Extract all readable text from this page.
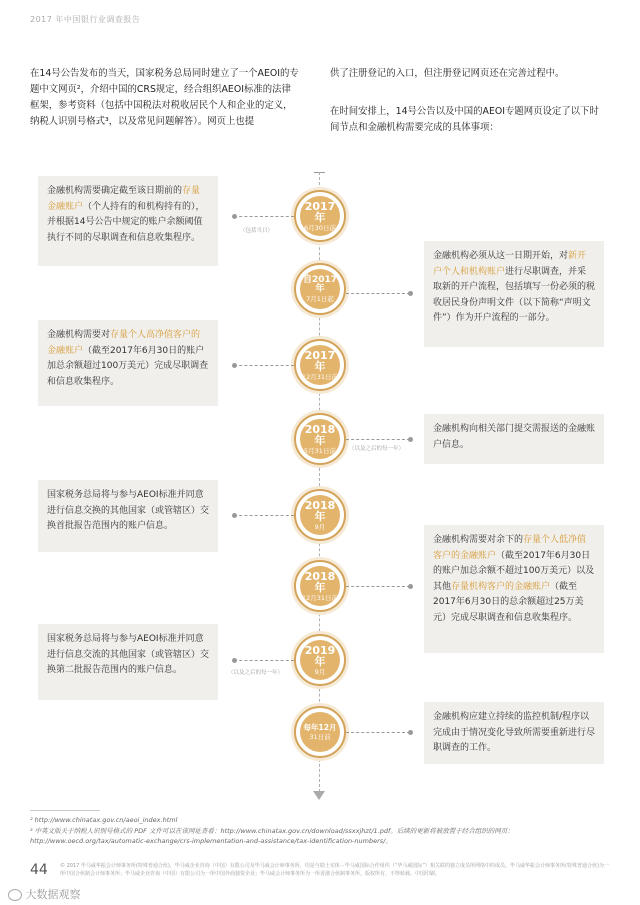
2017 年中国银行业调查报告
在14号公告发布的当天，国家税务总局同时建立了一个AEOI的专题中文网页²，介绍中国的CRS规定，经合组织AEOI标准的法律框架，参考资料（包括中国税法对税收居民个人和企业的定义，纳税人识别号格式³，以及常见问题解答）。网页上也提
供了注册登记的入口，但注册登记网页还在完善过程中。
在时间安排上，14号公告以及中国的AEOI专题网页设定了以下时间节点和金融机构需要完成的具体事项：
2017年
6月30日前
（包括当日）
自2017年
7月1日起
2017年
12月31日前
2018年
5月31日前 （以及之后的每一年）
2018年
9月
2018年
12月31日前
2019年
9月
（以及之后的每一年）
每年12月
31日前
金融机构需要确定截至该日期前的存量金融账户（个人持有的和机构持有的），并根据14号公告中规定的账户余额阈值执行不同的尽职调查和信息收集程序。
金融机构必须从这一日期开始，对新开户个人和机构账户进行尽职调查，并采取新的开户流程，包括填写一份必须的税收居民身份声明文件（以下简称“声明文件”）作为开户流程的一部分。
金融机构需要对存量个人高净值客户的金融账户（截至2017年6月30日的账户加总余额超过100万美元）完成尽职调查和信息收集程序。
金融机构向相关部门提交需报送的金融账户信息。
国家税务总局将与参与AEOI标准并同意进行信息交换的其他国家（或管辖区）交换首批报告范围内的账户信息。
金融机构需要对余下的存量个人低净值客户的金融账户（截至2017年6月30日的账户加总余额不超过100万美元）以及其他存量机构客户的金融账户（截至2017年6月30日的总余额超过25万美元）完成尽职调查和信息收集程序。
国家税务总局将与参与AEOI标准并同意进行信息交流的其他国家（或管辖区）交换第二批报告范围内的账户信息。
金融机构应建立持续的监控机制/程序以完成由于情况变化导致所需要重新进行尽职调查的工作。
² http://www.chinatax.gov.cn/aeoi_index.html
³ 中英文版关于纳税人识别号格式的 PDF 文件可以在该网址查看：http://www.chinatax.gov.cn/download/ssxxjhzt/1.pdf。后续的更新将被放置于经合组织的网页：http://www.oecd.org/tax/automatic-exchange/crs-implementation-and-assistance/tax-identification-numbers/。
44 © 2017 毕马威华振会计师事务所(特殊普通合伙)，毕马威企业咨询（中国）有限公司及毕马威会计师事务所，均是与瑞士实体－毕马威国际合作组织（“毕马威国际”）相关联的独立成员所网络中的成员。毕马威华振会计师事务所(特殊普通合伙)为一所中国合伙制会计师事务所；毕马威企业咨询（中国）有限公司为一所中国外商独资企业；毕马威会计师事务所为一所香港合伙制事务所。版权所有，不得转载。中国印刷。
大数据观察
